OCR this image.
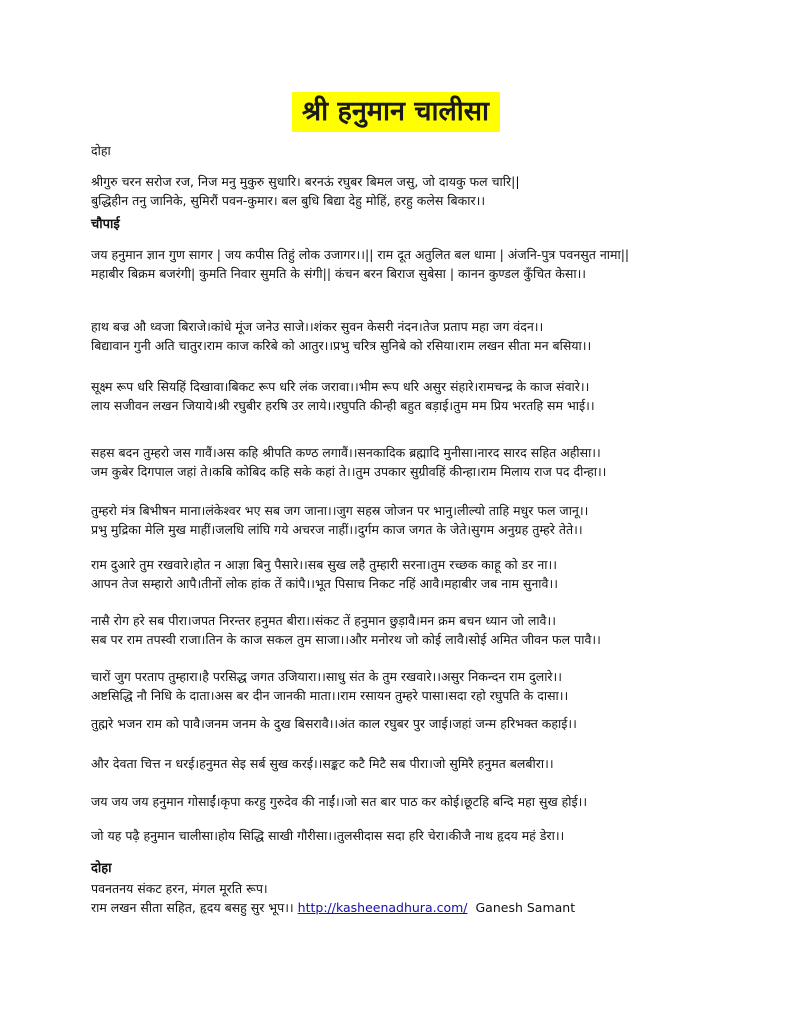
श्री हनुमान चालीसा
दोहा
श्रीगुरु चरन सरोज रज, निज मनु मुकुरु सुधारि। बरनऊं रघुबर बिमल जसु, जो दायकु फल चारि||
बुद्धिहीन तनु जानिके, सुमिरौं पवन-कुमार। बल बुधि बिद्या देहु मोहिं, हरहु कलेस बिकार।।
चौपाई
जय हनुमान ज्ञान गुण सागर | जय कपीस तिहुं लोक उजागर।।|| राम दूत अतुलित बल धामा | अंजनि-पुत्र पवनसुत नामा||
महाबीर बिक्रम बजरंगी| कुमति निवार सुमति के संगी|| कंचन बरन बिराज सुबेसा | कानन कुण्डल कुँचित केसा।।
हाथ बज्र औ ध्वजा बिराजे।कांधे मूंज जनेउ साजे।।शंकर सुवन केसरी नंदन।तेज प्रताप महा जग वंदन।।
बिद्यावान गुनी अति चातुर।राम काज करिबे को आतुर।।प्रभु चरित्र सुनिबे को रसिया।राम लखन सीता मन बसिया।।
सूक्ष्म रूप धरि सियहिं दिखावा।बिकट रूप धरि लंक जरावा।।भीम रूप धरि असुर संहारे।रामचन्द्र के काज संवारे।।
लाय सजीवन लखन जियाये।श्री रघुबीर हरषि उर लाये।।रघुपति कीन्ही बहुत बड़ाई।तुम मम प्रिय भरतहि सम भाई।।
सहस बदन तुम्हरो जस गावैं।अस कहि श्रीपति कण्ठ लगावैं।।सनकादिक ब्रह्मादि मुनीसा।नारद सारद सहित अहीसा।।
जम कुबेर दिगपाल जहां ते।कबि कोबिद कहि सके कहां ते।।तुम उपकार सुग्रीवहिं कीन्हा।राम मिलाय राज पद दीन्हा।।
तुम्हरो मंत्र बिभीषन माना।लंकेश्वर भए सब जग जाना।।जुग सहस्र जोजन पर भानु।लील्यो ताहि मधुर फल जानू।।
प्रभु मुद्रिका मेलि मुख माहीं।जलधि लांघि गये अचरज नाहीं।।दुर्गम काज जगत के जेते।सुगम अनुग्रह तुम्हरे तेते।।
राम दुआरे तुम रखवारे।होत न आज्ञा बिनु पैसारे।।सब सुख लहै तुम्हारी सरना।तुम रच्छक काहू को डर ना।।
आपन तेज सम्हारो आपै।तीनों लोक हांक तें कांपै।।भूत पिसाच निकट नहिं आवै।महाबीर जब नाम सुनावै।।
नासै रोग हरे सब पीरा।जपत निरन्तर हनुमत बीरा।।संकट तें हनुमान छुड़ावै।मन क्रम बचन ध्यान जो लावै।।
सब पर राम तपस्वी राजा।तिन के काज सकल तुम साजा।।और मनोरथ जो कोई लावै।सोई अमित जीवन फल पावै।।
चारों जुग परताप तुम्हारा।है परसिद्ध जगत उजियारा।।साधु संत के तुम रखवारे।।असुर निकन्दन राम दुलारे।।
अष्टसिद्धि नौ निधि के दाता।अस बर दीन जानकी माता।।राम रसायन तुम्हरे पासा।सदा रहो रघुपति के दासा।।
तुह्मरे भजन राम को पावै।जनम जनम के दुख बिसरावै।।अंत काल रघुबर पुर जाई।जहां जन्म हरिभक्त कहाई।।
और देवता चित्त न धरई।हनुमत सेइ सर्ब सुख करई।।सङ्कट कटै मिटै सब पीरा।जो सुमिरै हनुमत बलबीरा।।
जय जय जय हनुमान गोसाईं।कृपा करहु गुरुदेव की नाईं।।जो सत बार पाठ कर कोई।छूटहि बन्दि महा सुख होई।।
जो यह पढ़ै हनुमान चालीसा।होय सिद्धि साखी गौरीसा।।तुलसीदास सदा हरि चेरा।कीजै नाथ हृदय महं डेरा।।
दोहा
पवनतनय संकट हरन, मंगल मूरति रूप।
राम लखन सीता सहित, हृदय बसहु सुर भूप।। http://kasheenadhura.com/ Ganesh Samant
